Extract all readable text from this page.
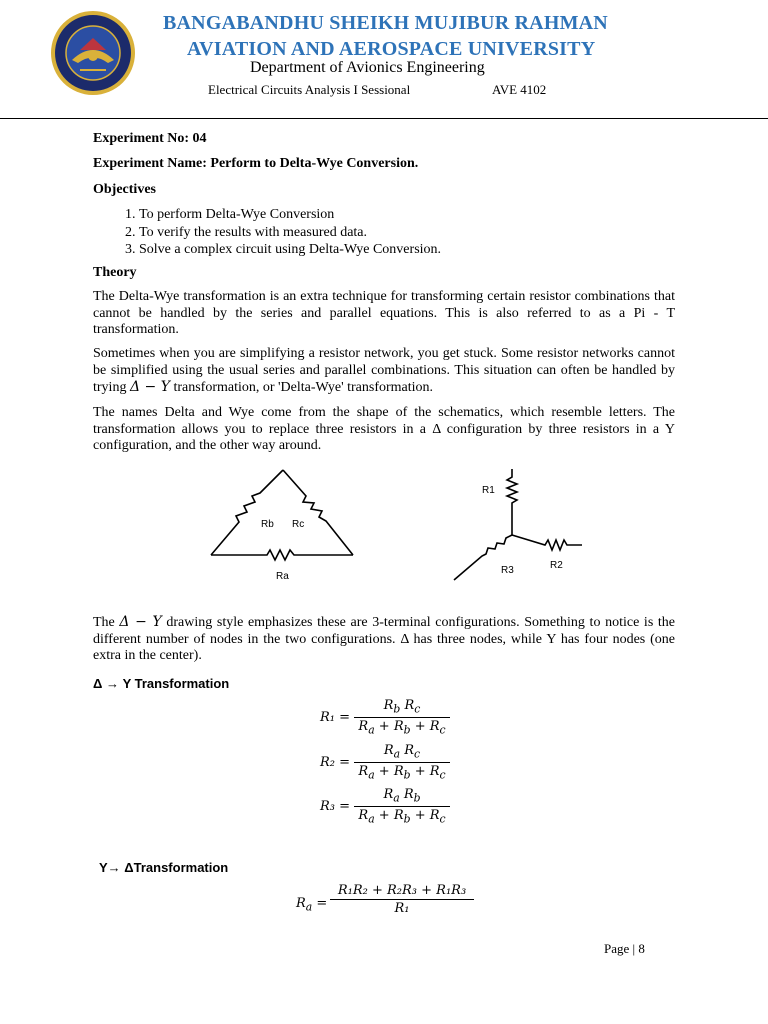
BANGABANDHU SHEIKH MUJIBUR RAHMAN
AVIATION AND AEROSPACE UNIVERSITY
Department of Avionics Engineering
Electrical Circuits Analysis I Sessional	AVE 4102
Experiment No: 04
Experiment Name: Perform to Delta-Wye Conversion.
Objectives
1. To perform Delta-Wye Conversion
2. To verify the results with measured data.
3. Solve a complex circuit using Delta-Wye Conversion.
Theory
The Delta-Wye transformation is an extra technique for transforming certain resistor combinations that cannot be handled by the series and parallel equations. This is also referred to as a Pi - T transformation.
Sometimes when you are simplifying a resistor network, you get stuck. Some resistor networks cannot be simplified using the usual series and parallel combinations. This situation can often be handled by trying Δ − Y transformation, or 'Delta-Wye' transformation.
The names Delta and Wye come from the shape of the schematics, which resemble letters. The transformation allows you to replace three resistors in a Δ configuration by three resistors in a Y configuration, and the other way around.
Rb Rc
Ra
R1
R2
R3
The Δ − Y drawing style emphasizes these are 3-terminal configurations. Something to notice is the different number of nodes in the two configurations. Δ has three nodes, while Y has four nodes (one extra in the center).
Δ → Y Transformation
$R_1 = \frac{R_b R_c}{R_a + R_b + R_c}$
$R_2 = \frac{R_a R_c}{R_a + R_b + R_c}$
$R_3 = \frac{R_a R_b}{R_a + R_b + R_c}$
Y→ ΔTransformation
$R_a = \frac{\text{R₁R₂ + R₂R₃ + R₁R₃}}{\text{R₁}}$
Page | 8
